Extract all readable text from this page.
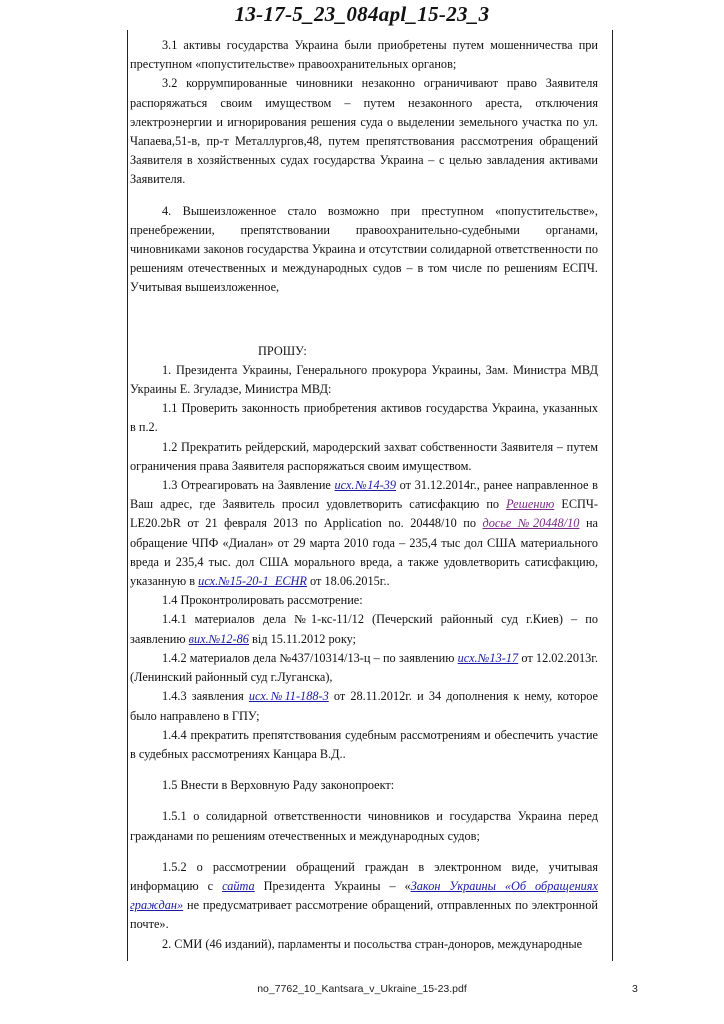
13-17-5_23_084apl_15-23_3

3.1 активы государства Украина были приобретены путем мошенничества при преступном «попустительстве» правоохранительных органов;

3.2 коррумпированные чиновники незаконно ограничивают право Заявителя распоряжаться своим имуществом – путем незаконного ареста, отключения электроэнергии и игнорирования решения суда о выделении земельного участка по ул. Чапаева,51-в, пр-т Металлургов,48, путем препятствования рассмотрения обращений Заявителя в хозяйственных судах государства Украина – с целью завладения активами Заявителя.

4. Вышеизложенное стало возможно при преступном «попустительстве», пренебрежении, препятствовании правоохранительно-судебными органами, чиновниками законов государства Украина и отсутствии солидарной ответственности по решениям отечественных и международных судов – в том числе по решениям ЕСПЧ. Учитывая вышеизложенное,

ПРОШУ:

1. Президента Украины, Генерального прокурора Украины, Зам. Министра МВД Украины Е. Згуладзе, Министра МВД:

1.1 Проверить законность приобретения активов государства Украина, указанных в п.2.

1.2 Прекратить рейдерский, мародерский захват собственности Заявителя – путем ограничения права Заявителя распоряжаться своим имуществом.

1.3 Отреагировать на Заявление исх.№14-39 от 31.12.2014г., ранее направленное в Ваш адрес, где Заявитель просил удовлетворить сатисфакцию по Решению ЕСПЧ-LE20.2bR от 21 февраля 2013 по Application no. 20448/10 по досье №20448/10 на обращение ЧПФ «Диалан» от 29 марта 2010 года – 235,4 тыс дол США материального вреда и 235,4 тыс. дол США морального вреда, а также удовлетворить сатисфакцию, указанную в исх.№15-20-1_ECHR от 18.06.2015г..

1.4 Проконтролировать рассмотрение:

1.4.1 материалов дела №1-кс-11/12 (Печерский районный суд г.Киев) – по заявлению вих.№12-86 від 15.11.2012 року;

1.4.2 материалов дела №437/10314/13-ц – по заявлению исх.№13-17 от 12.02.2013г. (Ленинский районный суд г.Луганска),

1.4.3 заявления исх.№11-188-3 от 28.11.2012г. и 34 дополнения к нему, которое было направлено в ГПУ;

1.4.4 прекратить препятствования судебным рассмотрениям и обеспечить участие в судебных рассмотрениях Канцара В.Д..

1.5 Внести в Верховную Раду законопроект:

1.5.1 о солидарной ответственности чиновников и государства Украина перед гражданами по решениям отечественных и международных судов;

1.5.2 о рассмотрении обращений граждан в электронном виде, учитывая информацию с сайта Президента Украины – «Закон Украины «Об обращениях граждан» не предусматривает рассмотрение обращений, отправленных по электронной почте».

2. СМИ (46 изданий), парламенты и посольства стран-доноров, международные

no_7762_10_Kantsara_v_Ukraine_15-23.pdf	3
